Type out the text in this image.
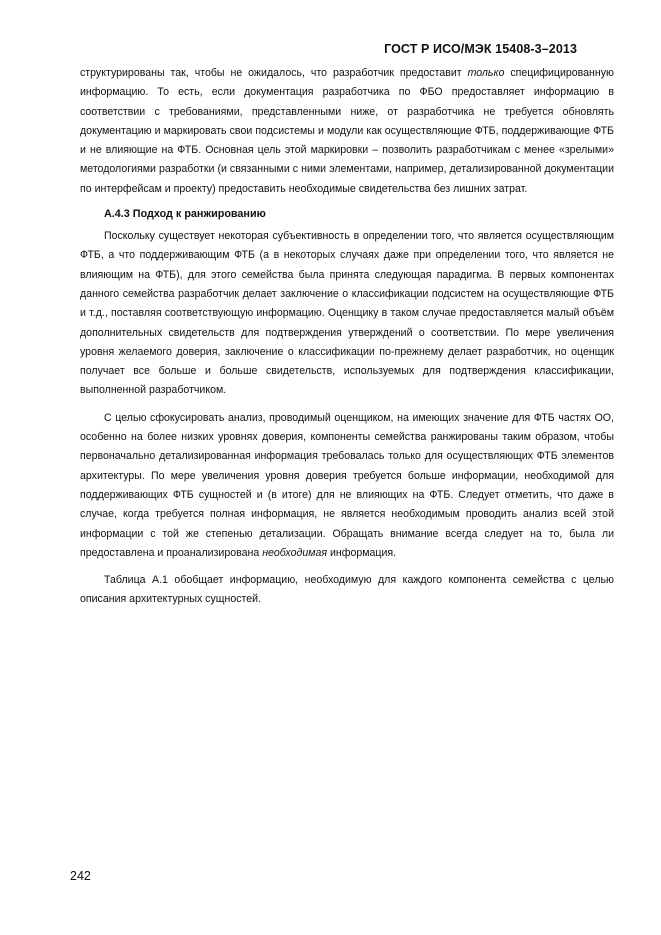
ГОСТ Р ИСО/МЭК 15408-3–2013

структурированы так, чтобы не ожидалось, что разработчик предоставит только специфицированную информацию. То есть, если документация разработчика по ФБО предоставляет информацию в соответствии с требованиями, представленными ниже, от разработчика не требуется обновлять документацию и маркировать свои подсистемы и модули как осуществляющие ФТБ, поддерживающие ФТБ и не влияющие на ФТБ. Основная цель этой маркировки – позволить разработчикам с менее «зрелыми» методологиями разработки (и связанными с ними элементами, например, детализированной документации по интерфейсам и проекту) предоставить необходимые свидетельства без лишних затрат.

А.4.3 Подход к ранжированию

Поскольку существует некоторая субъективность в определении того, что является осуществляющим ФТБ, а что поддерживающим ФТБ (а в некоторых случаях даже при определении того, что является не влияющим на ФТБ), для этого семейства была принята следующая парадигма. В первых компонентах данного семейства разработчик делает заключение о классификации подсистем на осуществляющие ФТБ и т.д., поставляя соответствующую информацию. Оценщику в таком случае предоставляется малый объём дополнительных свидетельств для подтверждения утверждений о соответствии. По мере увеличения уровня желаемого доверия, заключение о классификации по-прежнему делает разработчик, но оценщик получает все больше и больше свидетельств, используемых для подтверждения классификации, выполненной разработчиком.

С целью сфокусировать анализ, проводимый оценщиком, на имеющих значение для ФТБ частях ОО, особенно на более низких уровнях доверия, компоненты семейства ранжированы таким образом, чтобы первоначально детализированная информация требовалась только для осуществляющих ФТБ элементов архитектуры. По мере увеличения уровня доверия требуется больше информации, необходимой для поддерживающих ФТБ сущностей и (в итоге) для не влияющих на ФТБ. Следует отметить, что даже в случае, когда требуется полная информация, не является необходимым проводить анализ всей этой информации с той же степенью детализации. Обращать внимание всегда следует на то, была ли предоставлена и проанализирована необходимая информация.

Таблица А.1 обобщает информацию, необходимую для каждого компонента семейства с целью описания архитектурных сущностей.

242
